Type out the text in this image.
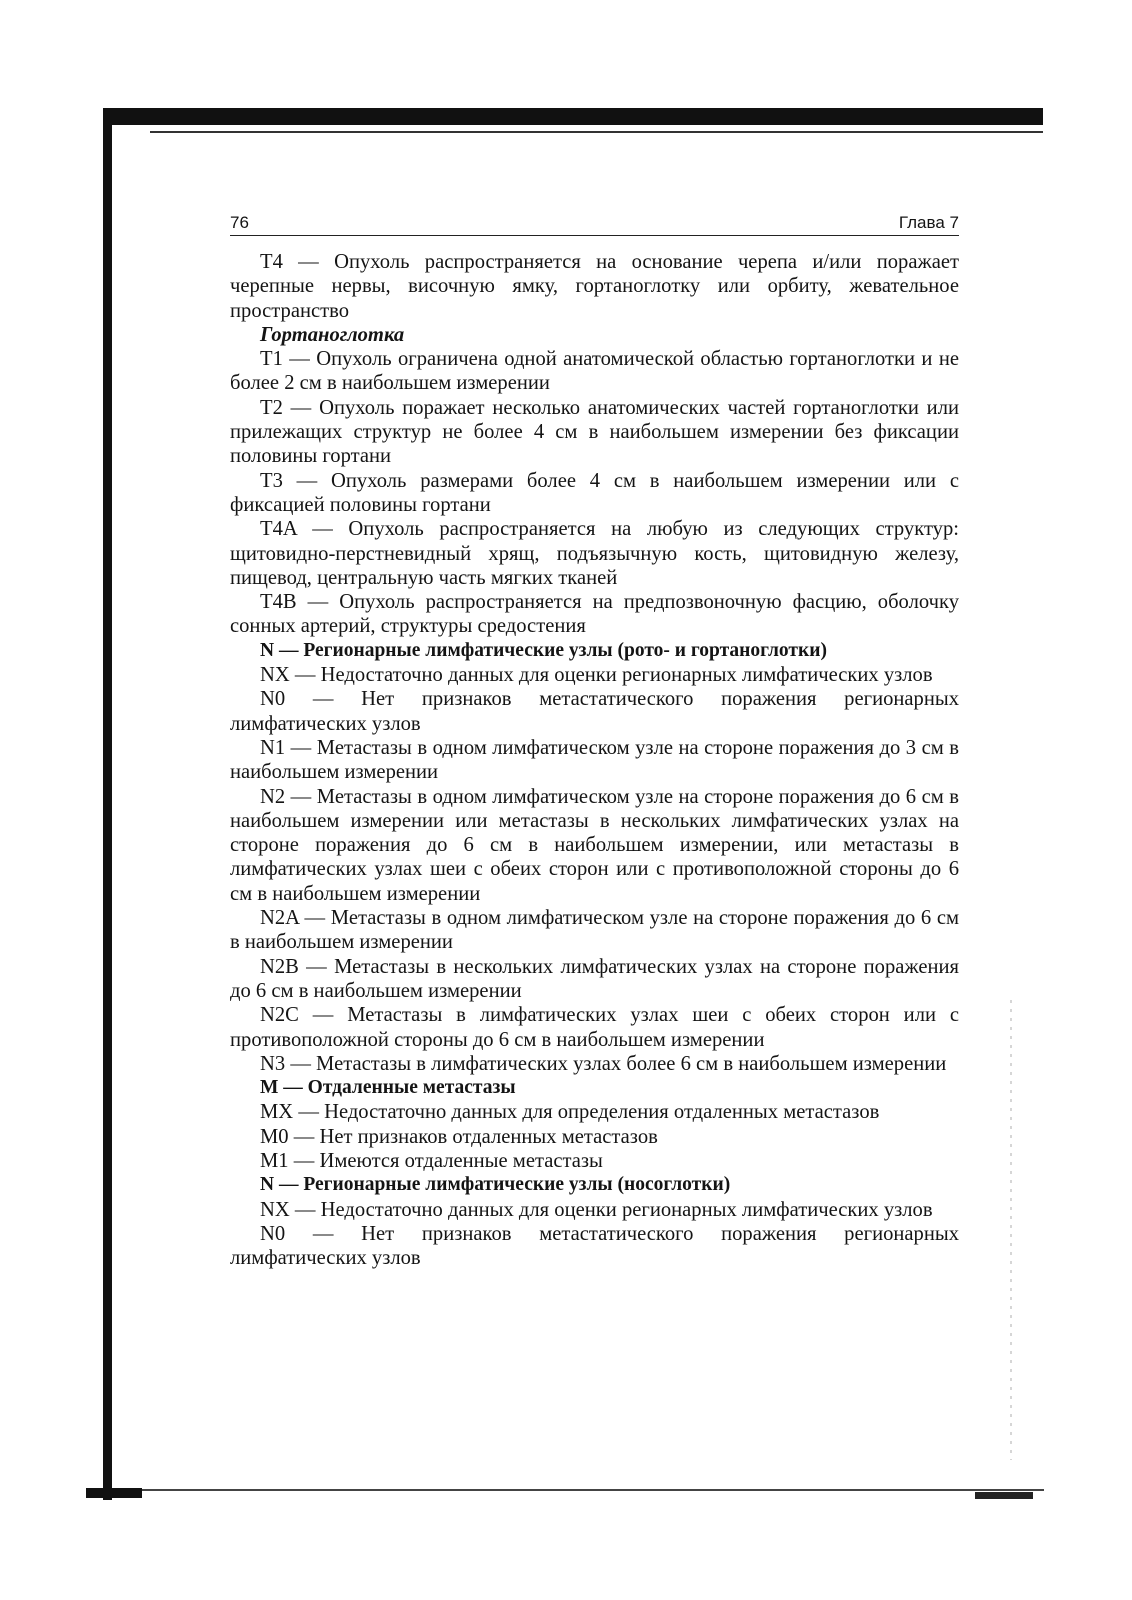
76	Глава 7

T4 — Опухоль распространяется на основание черепа и/или поражает черепные нервы, височную ямку, гортаноглотку или орбиту, жевательное пространство

Гортаноглотка

T1 — Опухоль ограничена одной анатомической областью гортаноглотки и не более 2 см в наибольшем измерении

T2 — Опухоль поражает несколько анатомических частей гортаноглотки или прилежащих структур не более 4 см в наибольшем измерении без фиксации половины гортани

T3 — Опухоль размерами более 4 см в наибольшем измерении или с фиксацией половины гортани

T4A — Опухоль распространяется на любую из следующих структур: щитовидно-перстневидный хрящ, подъязычную кость, щитовидную железу, пищевод, центральную часть мягких тканей

T4B — Опухоль распространяется на предпозвоночную фасцию, оболочку сонных артерий, структуры средостения

N — Регионарные лимфатические узлы (рото- и гортаноглотки)

NX — Недостаточно данных для оценки регионарных лимфатических узлов

N0 — Нет признаков метастатического поражения регионарных лимфатических узлов

N1 — Метастазы в одном лимфатическом узле на стороне поражения до 3 см в наибольшем измерении

N2 — Метастазы в одном лимфатическом узле на стороне поражения до 6 см в наибольшем измерении или метастазы в нескольких лимфатических узлах на стороне поражения до 6 см в наибольшем измерении, или метастазы в лимфатических узлах шеи с обеих сторон или с противоположной стороны до 6 см в наибольшем измерении

N2A — Метастазы в одном лимфатическом узле на стороне поражения до 6 см в наибольшем измерении

N2B — Метастазы в нескольких лимфатических узлах на стороне поражения до 6 см в наибольшем измерении

N2C — Метастазы в лимфатических узлах шеи с обеих сторон или с противоположной стороны до 6 см в наибольшем измерении

N3 — Метастазы в лимфатических узлах более 6 см в наибольшем измерении

M — Отдаленные метастазы

MX — Недостаточно данных для определения отдаленных метастазов

M0 — Нет признаков отдаленных метастазов

M1 — Имеются отдаленные метастазы

N — Регионарные лимфатические узлы (носоглотки)

NX — Недостаточно данных для оценки регионарных лимфатических узлов

N0 — Нет признаков метастатического поражения регионарных лимфатических узлов
